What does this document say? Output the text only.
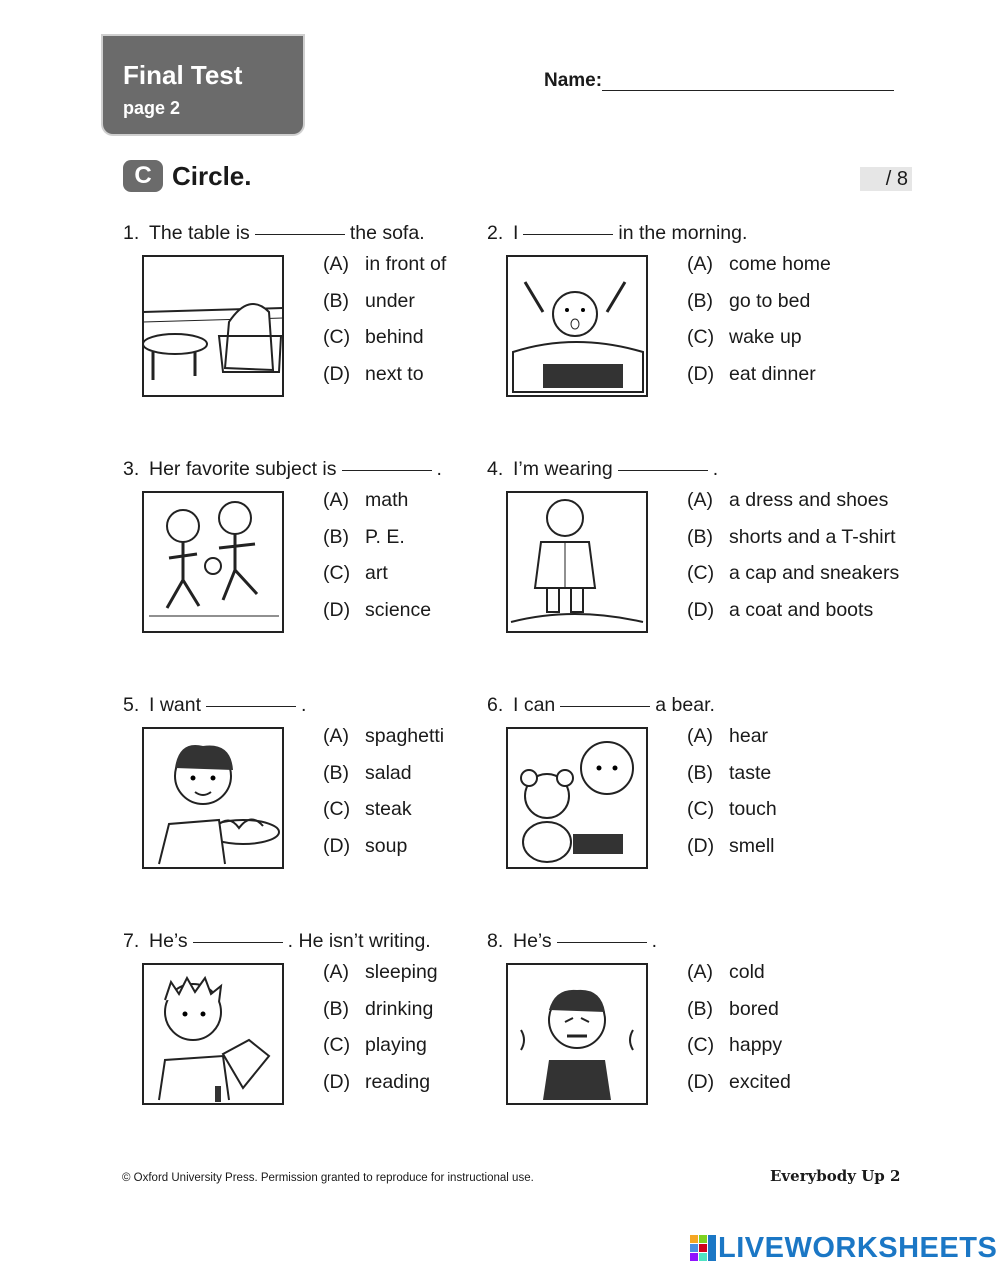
Final Test
page 2
Name:
C Circle.	/ 8
1. The table is	the sofa.
(A) in front of
(B) under
(C) behind
(D) next to
2. I	in the morning.
(A) come home
(B) go to bed
(C) wake up
(D) eat dinner
3. Her favorite subject is	.
(A) math
(B) P. E.
(C) art
(D) science
4. I’m wearing	.
(A) a dress and shoes
(B) shorts and a T-shirt
(C) a cap and sneakers
(D) a coat and boots
5. I want	.
(A) spaghetti
(B) salad
(C) steak
(D) soup
6. I can	a bear.
(A) hear
(B) taste
(C) touch
(D) smell
7. He’s	. He isn’t writing.
(A) sleeping
(B) drinking
(C) playing
(D) reading
8. He’s	.
(A) cold
(B) bored
(C) happy
(D) excited
© Oxford University Press. Permission granted to reproduce for instructional use.	Everybody Up 2
LIVEWORKSHEETS
